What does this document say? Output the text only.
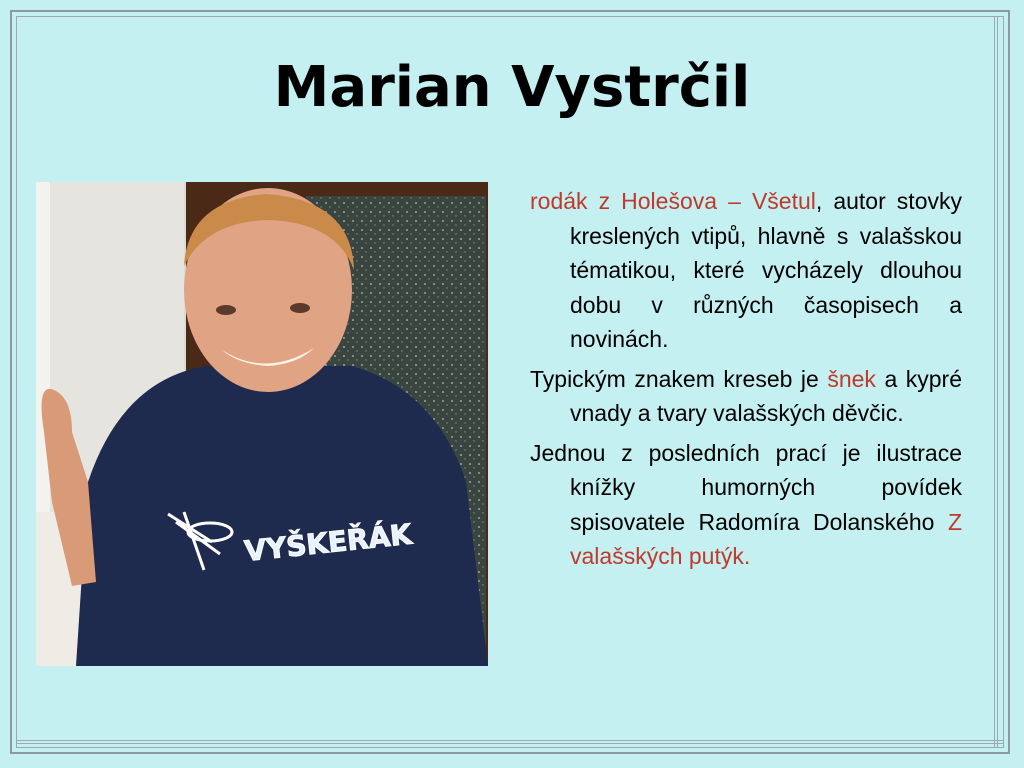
Marian Vystrčil
VYŠKEŘÁK

rodák z Holešova – Všetul, autor stovky kreslených vtipů, hlavně s valašskou tématikou, které vycházely dlouhou dobu v různých časopisech a novinách.

Typickým znakem kreseb je šnek a kypré vnady a tvary valašských děvčic.

Jednou z posledních prací je ilustrace knížky humorných povídek spisovatele Radomíra Dolanského Z valašských putýk.
